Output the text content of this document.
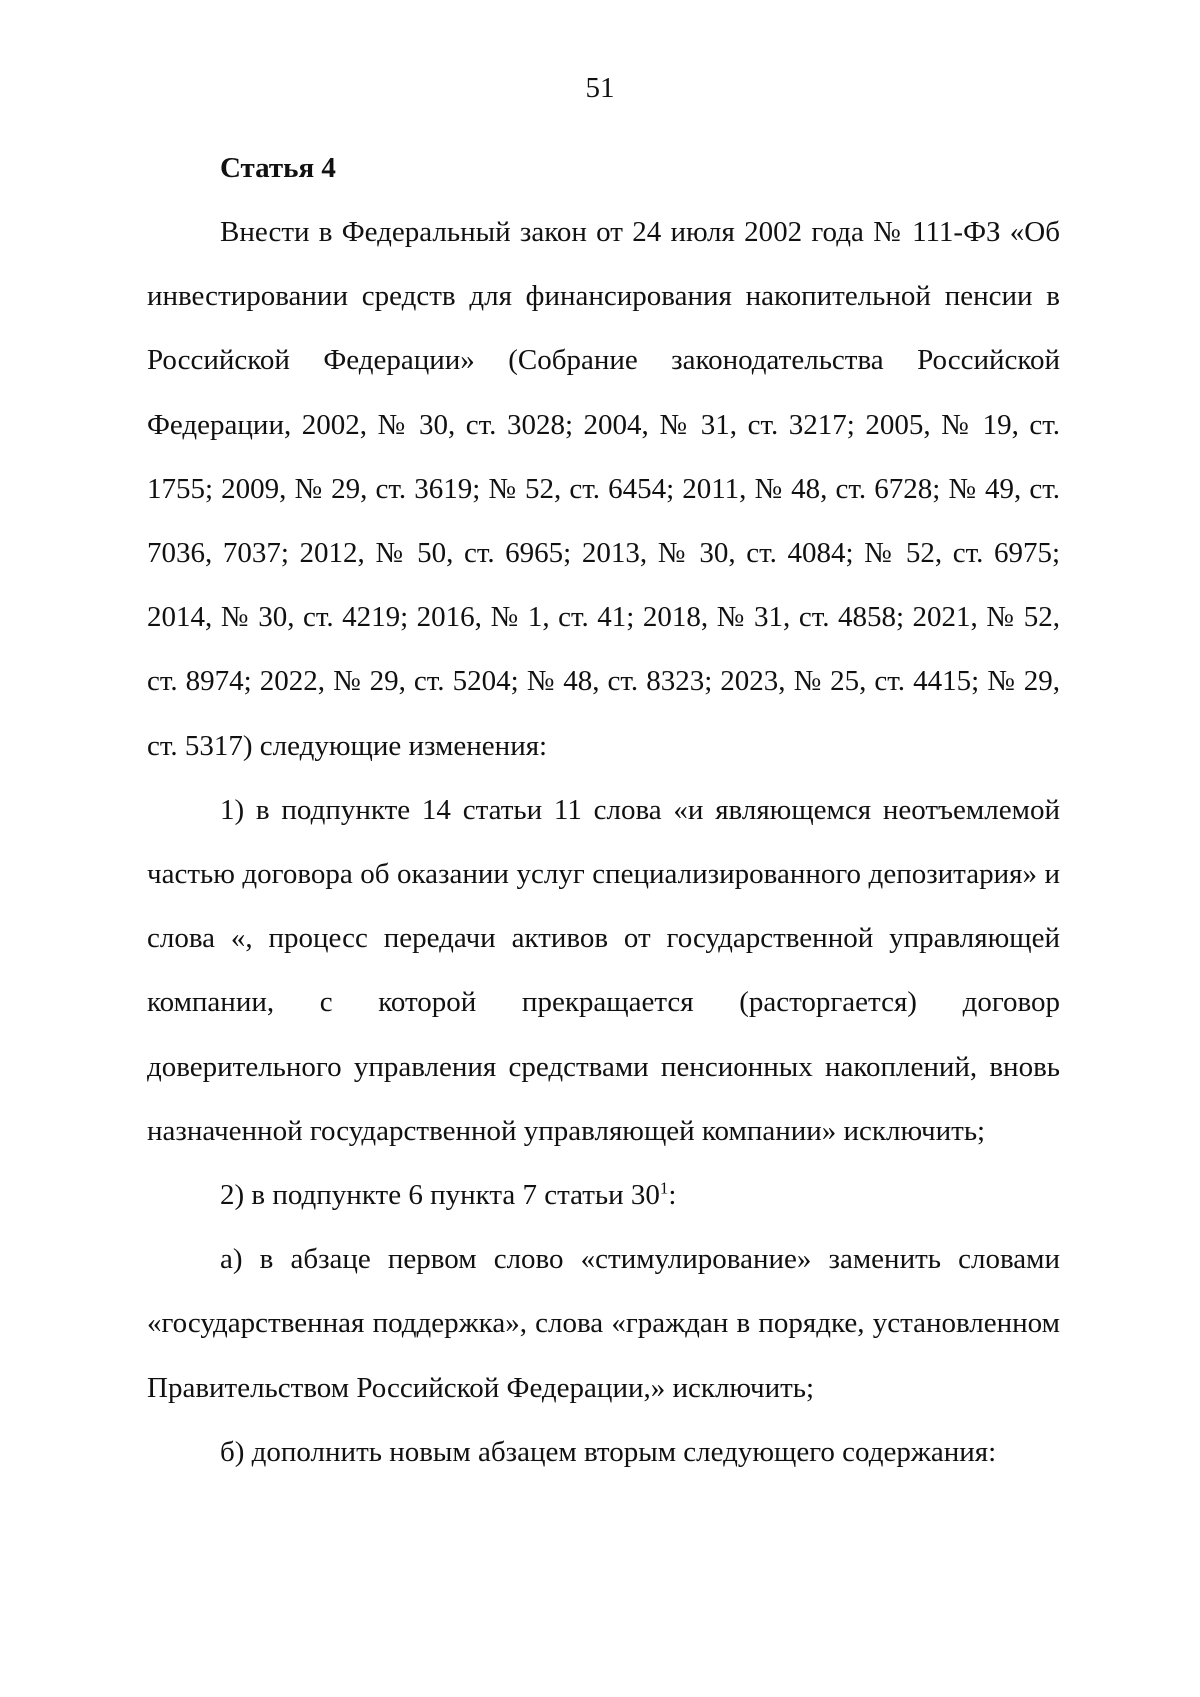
51
Статья 4

Внести в Федеральный закон от 24 июля 2002 года № 111-ФЗ «Об инвестировании средств для финансирования накопительной пенсии в Российской Федерации» (Собрание законодательства Российской Федерации, 2002, № 30, ст. 3028; 2004, № 31, ст. 3217; 2005, № 19, ст. 1755; 2009, № 29, ст. 3619; № 52, ст. 6454; 2011, № 48, ст. 6728; № 49, ст. 7036, 7037; 2012, № 50, ст. 6965; 2013, № 30, ст. 4084; № 52, ст. 6975; 2014, № 30, ст. 4219; 2016, № 1, ст. 41; 2018, № 31, ст. 4858; 2021, № 52, ст. 8974; 2022, № 29, ст. 5204; № 48, ст. 8323; 2023, № 25, ст. 4415; № 29, ст. 5317) следующие изменения:

1) в подпункте 14 статьи 11 слова «и являющемся неотъемлемой частью договора об оказании услуг специализированного депозитария» и слова «, процесс передачи активов от государственной управляющей компании, с которой прекращается (расторгается) договор доверительного управления средствами пенсионных накоплений, вновь назначенной государственной управляющей компании» исключить;

2) в подпункте 6 пункта 7 статьи $30^1$:

а) в абзаце первом слово «стимулирование» заменить словами «государственная поддержка», слова «граждан в порядке, установленном Правительством Российской Федерации,» исключить;

б) дополнить новым абзацем вторым следующего содержания:
